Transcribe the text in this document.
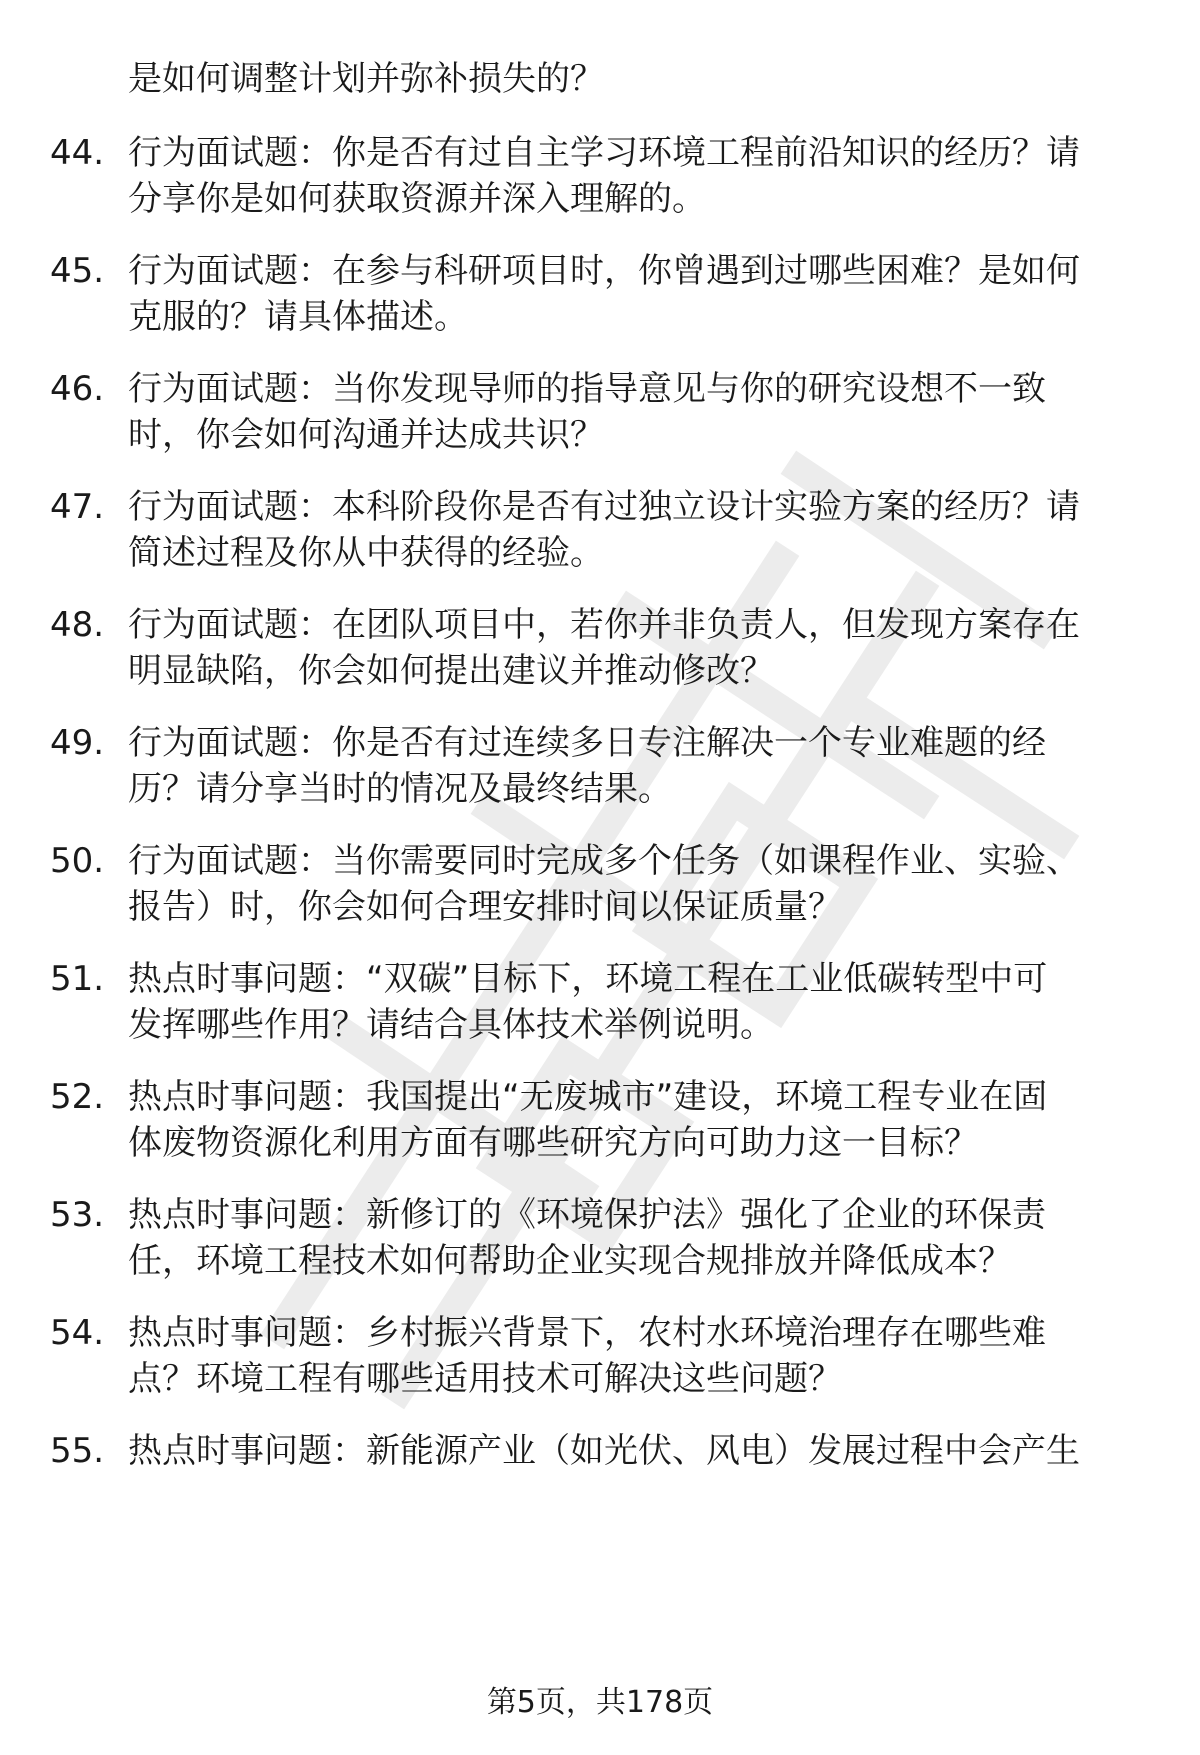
是如何调整计划并弥补损失的？
44. 行为面试题：你是否有过自主学习环境工程前沿知识的经历？请
分享你是如何获取资源并深入理解的。
45. 行为面试题：在参与科研项目时，你曾遇到过哪些困难？是如何
克服的？请具体描述。
46. 行为面试题：当你发现导师的指导意见与你的研究设想不一致
时，你会如何沟通并达成共识？
47. 行为面试题：本科阶段你是否有过独立设计实验方案的经历？请
简述过程及你从中获得的经验。
48. 行为面试题：在团队项目中，若你并非负责人，但发现方案存在
明显缺陷，你会如何提出建议并推动修改？
49. 行为面试题：你是否有过连续多日专注解决一个专业难题的经
历？请分享当时的情况及最终结果。
50. 行为面试题：当你需要同时完成多个任务（如课程作业、实验、
报告）时，你会如何合理安排时间以保证质量？
51. 热点时事问题：“双碳”目标下，环境工程在工业低碳转型中可
发挥哪些作用？请结合具体技术举例说明。
52. 热点时事问题：我国提出“无废城市”建设，环境工程专业在固
体废物资源化利用方面有哪些研究方向可助力这一目标？
53. 热点时事问题：新修订的《环境保护法》强化了企业的环保责
任，环境工程技术如何帮助企业实现合规排放并降低成本？
54. 热点时事问题：乡村振兴背景下，农村水环境治理存在哪些难
点？环境工程有哪些适用技术可解决这些问题？
55. 热点时事问题：新能源产业（如光伏、风电）发展过程中会产生
第5页，共178页
